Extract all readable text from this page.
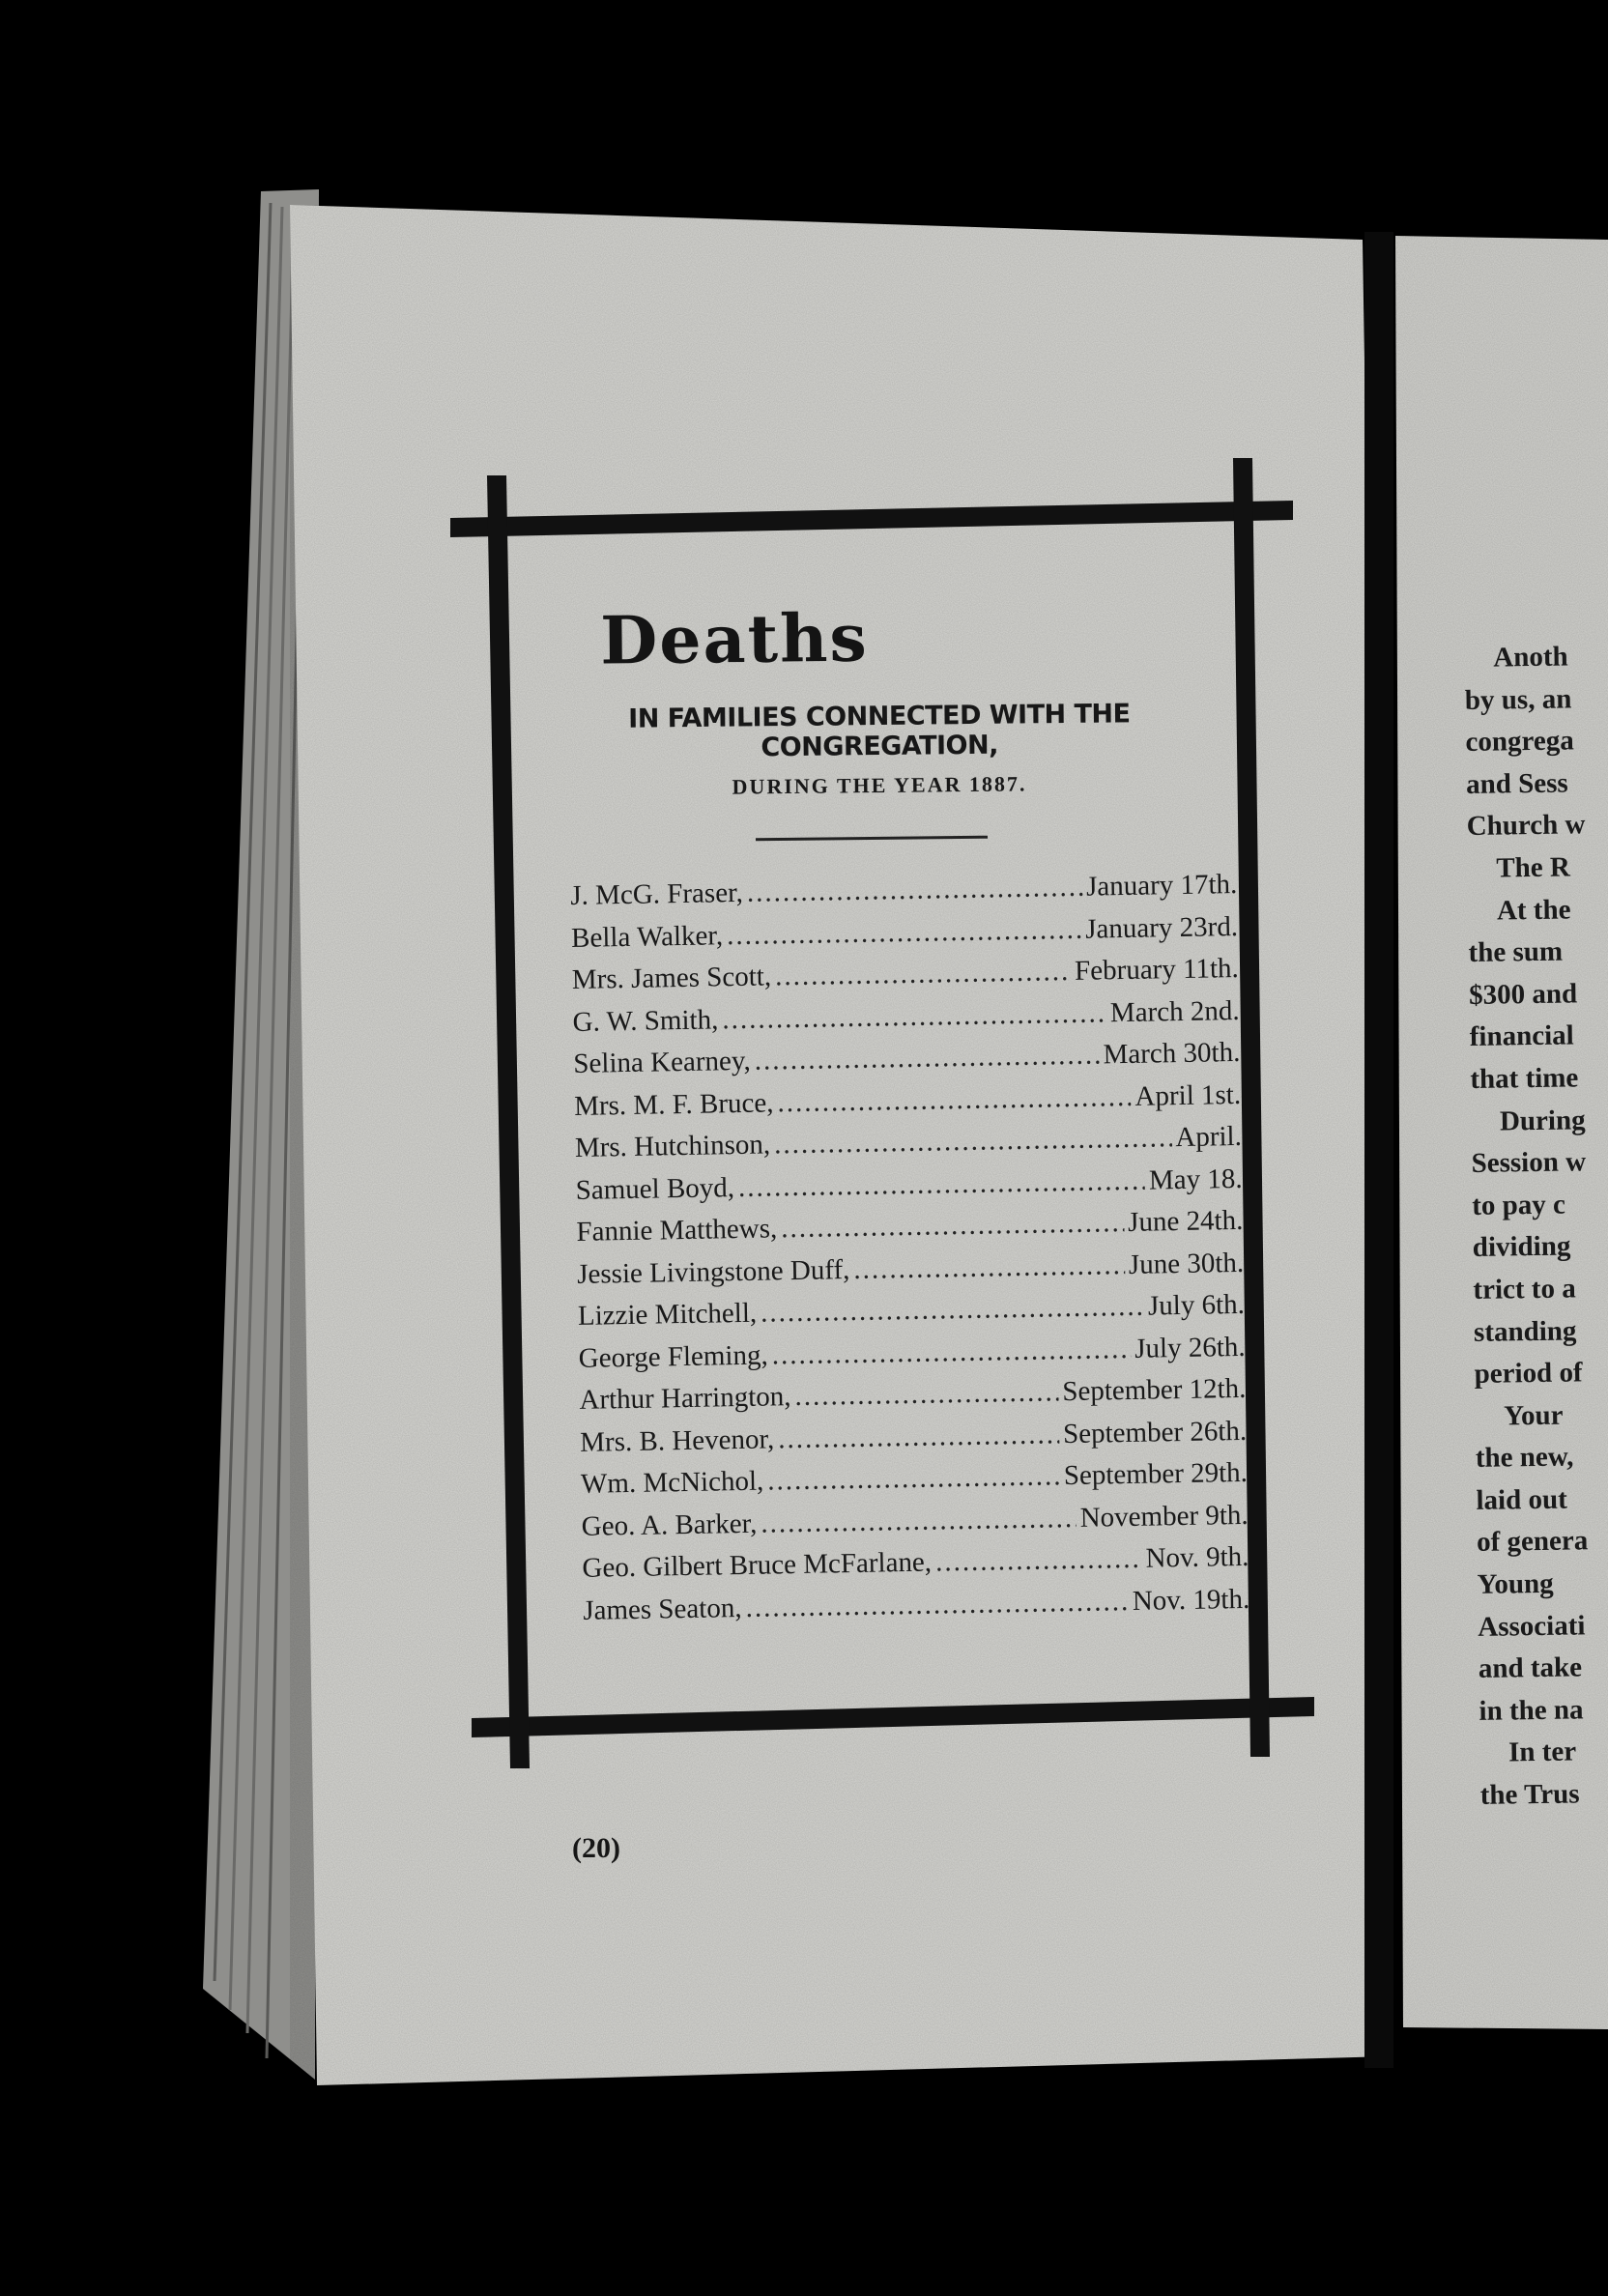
Deaths
IN FAMILIES CONNECTED WITH THE CONGREGATION,
DURING THE YEAR 1887.
J. McG. Fraser, .....	January 17th.
Bella Walker, .....	January 23rd.
Mrs. James Scott, .....	February 11th.
G. W. Smith, .....	March 2nd.
Selina Kearney, .....	March 30th.
Mrs. M. F. Bruce, .....	April 1st.
Mrs. Hutchinson, .....	April.
Samuel Boyd, .....	May 18.
Fannie Matthews, .....	June 24th.
Jessie Livingstone Duff, .....	June 30th.
Lizzie Mitchell, .....	July 6th.
George Fleming, .....	July 26th.
Arthur Harrington, .....	September 12th.
Mrs. B. Hevenor, .....	September 26th.
Wm. McNichol, .....	September 29th.
Geo. A. Barker, .....	November 9th.
Geo. Gilbert Bruce McFarlane, .....	Nov. 9th.
James Seaton, .....	Nov. 19th.
(20)
Anoth
by us, an
congrega
and Sess
Church w
The R
At the
the sum
$300 and
financial
that time
During
Session w
to pay c
dividing
trict to a
standing
period of
Your
the new,
laid out
of genera
Young
Associati
and take
in the na
In ter
the Trus
